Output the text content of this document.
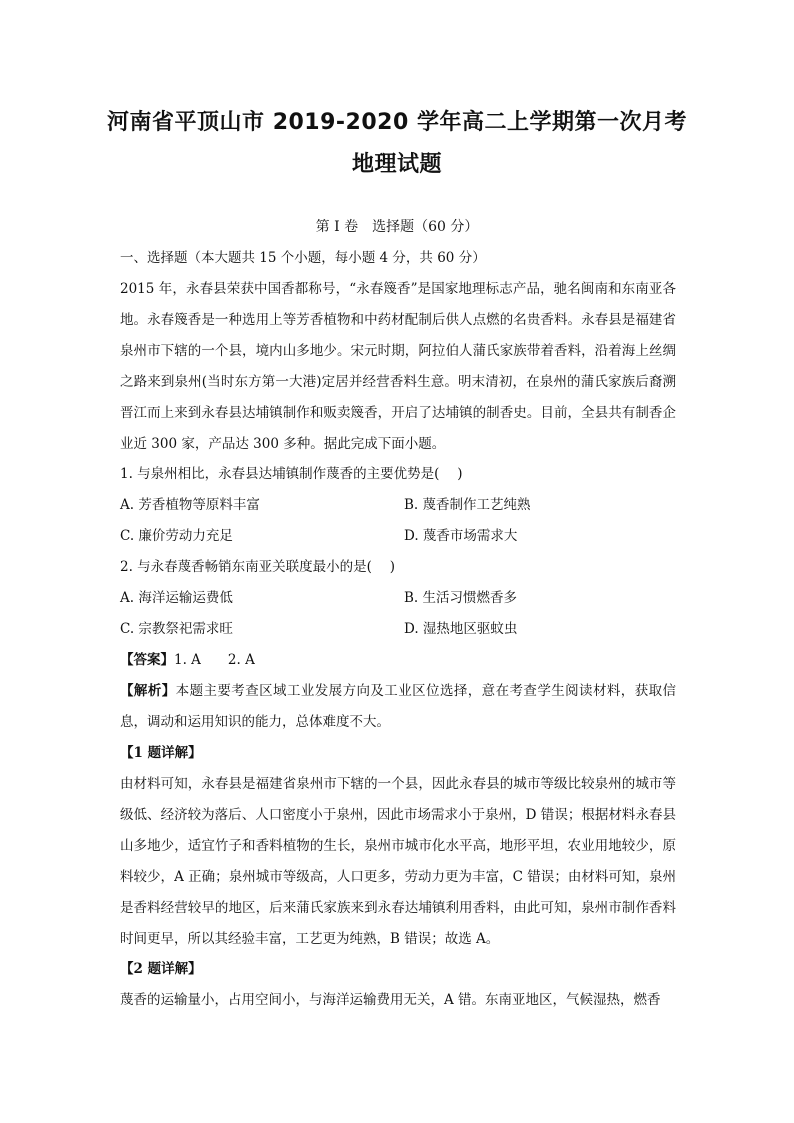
河南省平顶山市 2019-2020 学年高二上学期第一次月考
地理试题
第 I 卷　选择题（60 分）
一、选择题（本大题共 15 个小题，每小题 4 分，共 60 分）
2015 年，永春县荣获中国香都称号，“永春篾香”是国家地理标志产品，驰名闽南和东南亚各地。永春篾香是一种选用上等芳香植物和中药材配制后供人点燃的名贵香料。永春县是福建省泉州市下辖的一个县，境内山多地少。宋元时期，阿拉伯人蒲氏家族带着香料，沿着海上丝绸之路来到泉州(当时东方第一大港)定居并经营香料生意。明末清初，在泉州的蒲氏家族后裔溯晋江而上来到永春县达埔镇制作和贩卖篾香，开启了达埔镇的制香史。目前，全县共有制香企业近 300 家，产品达 300 多种。据此完成下面小题。
1. 与泉州相比，永春县达埔镇制作蔑香的主要优势是(　 )
A. 芳香植物等原料丰富	B. 蔑香制作工艺纯熟
C. 廉价劳动力充足	D. 蔑香市场需求大
2. 与永春蔑香畅销东南亚关联度最小的是(　 )
A. 海洋运输运费低	B. 生活习惯燃香多
C. 宗教祭祀需求旺	D. 湿热地区驱蚊虫
【答案】1. A　　2. A
【解析】本题主要考查区域工业发展方向及工业区位选择，意在考查学生阅读材料，获取信息，调动和运用知识的能力，总体难度不大。
【1 题详解】
由材料可知，永春县是福建省泉州市下辖的一个县，因此永春县的城市等级比较泉州的城市等级低、经济较为落后、人口密度小于泉州，因此市场需求小于泉州，D 错误；根据材料永春县山多地少，适宜竹子和香料植物的生长，泉州市城市化水平高，地形平坦，农业用地较少，原料较少，A 正确；泉州城市等级高，人口更多，劳动力更为丰富，C 错误；由材料可知，泉州是香料经营较早的地区，后来蒲氏家族来到永春达埔镇利用香料，由此可知，泉州市制作香料时间更早，所以其经验丰富，工艺更为纯熟，B 错误；故选 A。
【2 题详解】
蔑香的运输量小，占用空间小，与海洋运输费用无关，A 错。东南亚地区，气候湿热，燃香
